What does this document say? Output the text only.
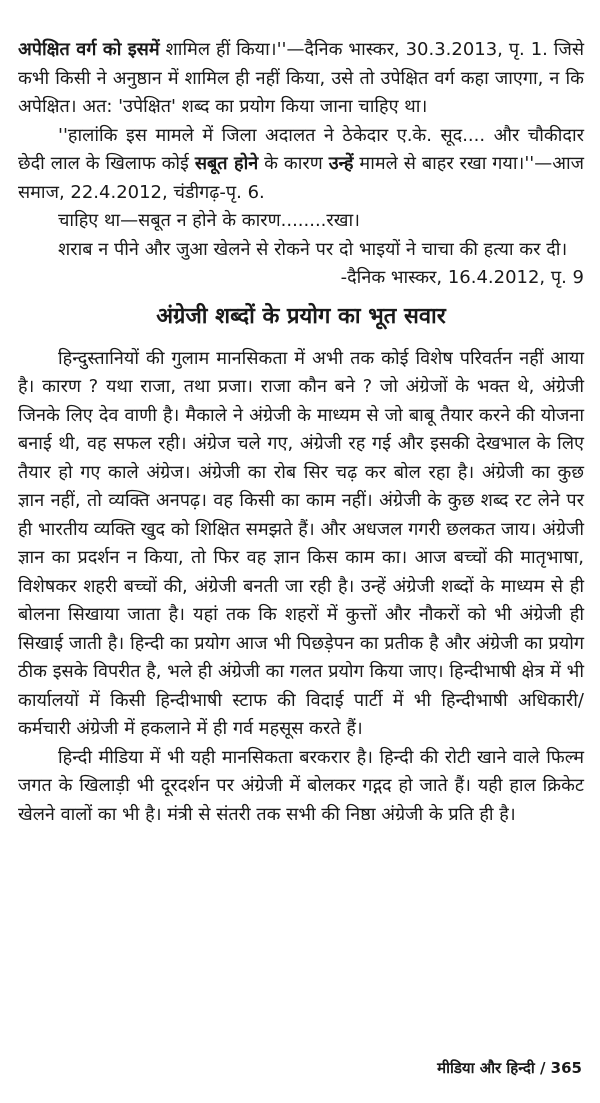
अपेक्षित वर्ग को इसमें शामिल हीं किया।''—दैनिक भास्कर, 30.3.2013, पृ. 1. जिसे कभी किसी ने अनुष्ठान में शामिल ही नहीं किया, उसे तो उपेक्षित वर्ग कहा जाएगा, न कि अपेक्षित। अत: 'उपेक्षित' शब्द का प्रयोग किया जाना चाहिए था।

''हालांकि इस मामले में जिला अदालत ने ठेकेदार ए.के. सूद.... और चौकीदार छेदी लाल के खिलाफ कोई सबूत होने के कारण उन्हें मामले से बाहर रखा गया।''—आज समाज, 22.4.2012, चंडीगढ़-पृ. 6.

चाहिए था—सबूत न होने के कारण........रखा।

शराब न पीने और जुआ खेलने से रोकने पर दो भाइयों ने चाचा की हत्या कर दी।

-दैनिक भास्कर, 16.4.2012, पृ. 9

अंग्रेजी शब्दों के प्रयोग का भूत सवार

हिन्दुस्तानियों की गुलाम मानसिकता में अभी तक कोई विशेष परिवर्तन नहीं आया है। कारण ? यथा राजा, तथा प्रजा। राजा कौन बने ? जो अंग्रेजों के भक्त थे, अंग्रेजी जिनके लिए देव वाणी है। मैकाले ने अंग्रेजी के माध्यम से जो बाबू तैयार करने की योजना बनाई थी, वह सफल रही। अंग्रेज चले गए, अंग्रेजी रह गई और इसकी देखभाल के लिए तैयार हो गए काले अंग्रेज। अंग्रेजी का रोब सिर चढ़ कर बोल रहा है। अंग्रेजी का कुछ ज्ञान नहीं, तो व्यक्ति अनपढ़। वह किसी का काम नहीं। अंग्रेजी के कुछ शब्द रट लेने पर ही भारतीय व्यक्ति खुद को शिक्षित समझते हैं। और अधजल गगरी छलकत जाय। अंग्रेजी ज्ञान का प्रदर्शन न किया, तो फिर वह ज्ञान किस काम का। आज बच्चों की मातृभाषा, विशेषकर शहरी बच्चों की, अंग्रेजी बनती जा रही है। उन्हें अंग्रेजी शब्दों के माध्यम से ही बोलना सिखाया जाता है। यहां तक कि शहरों में कुत्तों और नौकरों को भी अंग्रेजी ही सिखाई जाती है। हिन्दी का प्रयोग आज भी पिछड़ेपन का प्रतीक है और अंग्रेजी का प्रयोग ठीक इसके विपरीत है, भले ही अंग्रेजी का गलत प्रयोग किया जाए। हिन्दीभाषी क्षेत्र में भी कार्यालयों में किसी हिन्दीभाषी स्टाफ की विदाई पार्टी में भी हिन्दीभाषी अधिकारी/कर्मचारी अंग्रेजी में हकलाने में ही गर्व महसूस करते हैं।

हिन्दी मीडिया में भी यही मानसिकता बरकरार है। हिन्दी की रोटी खाने वाले फिल्म जगत के खिलाड़ी भी दूरदर्शन पर अंग्रेजी में बोलकर गद्गद हो जाते हैं। यही हाल क्रिकेट खेलने वालों का भी है। मंत्री से संतरी तक सभी की निष्ठा अंग्रेजी के प्रति ही है।

मीडिया और हिन्दी / 365
